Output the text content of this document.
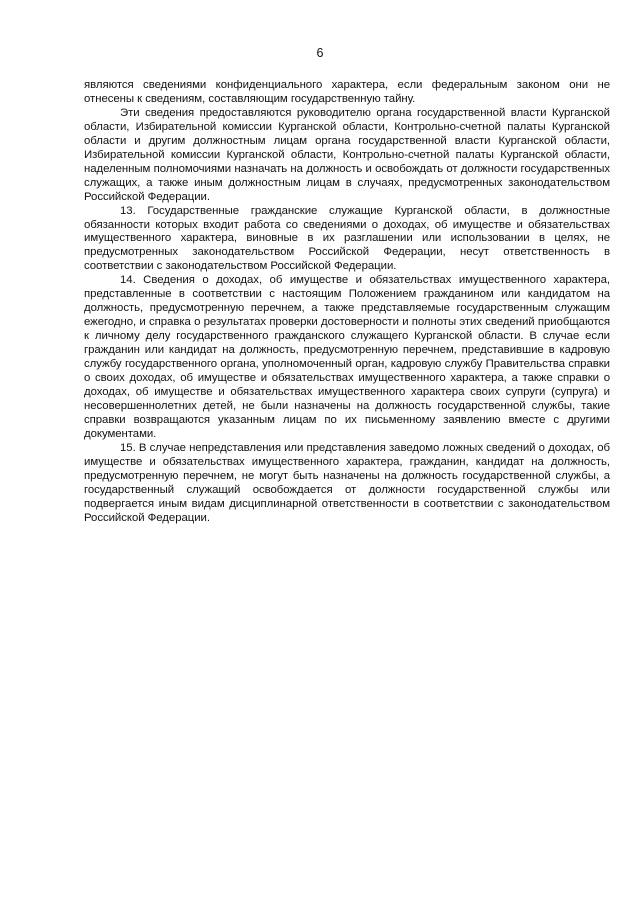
6

являются сведениями конфиденциального характера, если федеральным законом они не отнесены к сведениям, составляющим государственную тайну.

Эти сведения предоставляются руководителю органа государственной власти Курганской области, Избирательной комиссии Курганской области, Контрольно-счетной палаты Курганской области и другим должностным лицам органа государственной власти Курганской области, Избирательной комиссии Курганской области, Контрольно-счетной палаты Курганской области, наделенным полномочиями назначать на должность и освобождать от должности государственных служащих, а также иным должностным лицам в случаях, предусмотренных законодательством Российской Федерации.

13. Государственные гражданские служащие Курганской области, в должностные обязанности которых входит работа со сведениями о доходах, об имуществе и обязательствах имущественного характера, виновные в их разглашении или использовании в целях, не предусмотренных законодательством Российской Федерации, несут ответственность в соответствии с законодательством Российской Федерации.

14. Сведения о доходах, об имуществе и обязательствах имущественного характера, представленные в соответствии с настоящим Положением гражданином или кандидатом на должность, предусмотренную перечнем, а также представляемые государственным служащим ежегодно, и справка о результатах проверки достоверности и полноты этих сведений приобщаются к личному делу государственного гражданского служащего Курганской области. В случае если гражданин или кандидат на должность, предусмотренную перечнем, представившие в кадровую службу государственного органа, уполномоченный орган, кадровую службу Правительства справки о своих доходах, об имуществе и обязательствах имущественного характера, а также справки о доходах, об имуществе и обязательствах имущественного характера своих супруги (супруга) и несовершеннолетних детей, не были назначены на должность государственной службы, такие справки возвращаются указанным лицам по их письменному заявлению вместе с другими документами.

15. В случае непредставления или представления заведомо ложных сведений о доходах, об имуществе и обязательствах имущественного характера, гражданин, кандидат на должность, предусмотренную перечнем, не могут быть назначены на должность государственной службы, а государственный служащий освобождается от должности государственной службы или подвергается иным видам дисциплинарной ответственности в соответствии с законодательством Российской Федерации.
